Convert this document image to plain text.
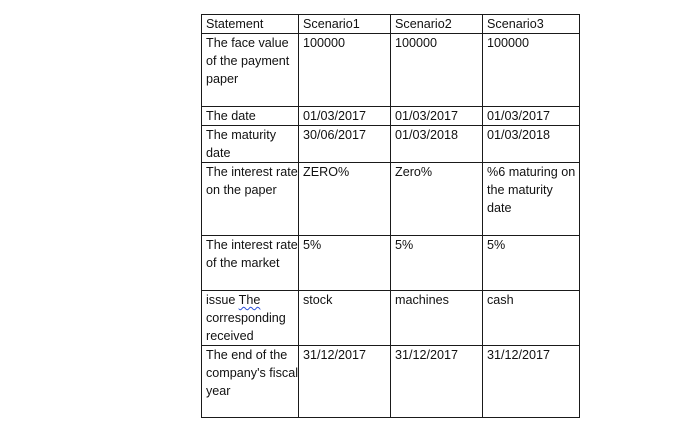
Statement	Scenario1	Scenario2	Scenario3
The face value of the payment paper	100000	100000	100000
The date	01/03/2017	01/03/2017	01/03/2017
The maturity date	30/06/2017	01/03/2018	01/03/2018
The interest rate on the paper	ZERO%	Zero%	%6 maturing on the maturity date
The interest rate of the market	5%	5%	5%
issue The corresponding received	stock	machines	cash
The end of the company's fiscal year	31/12/2017	31/12/2017	31/12/2017
